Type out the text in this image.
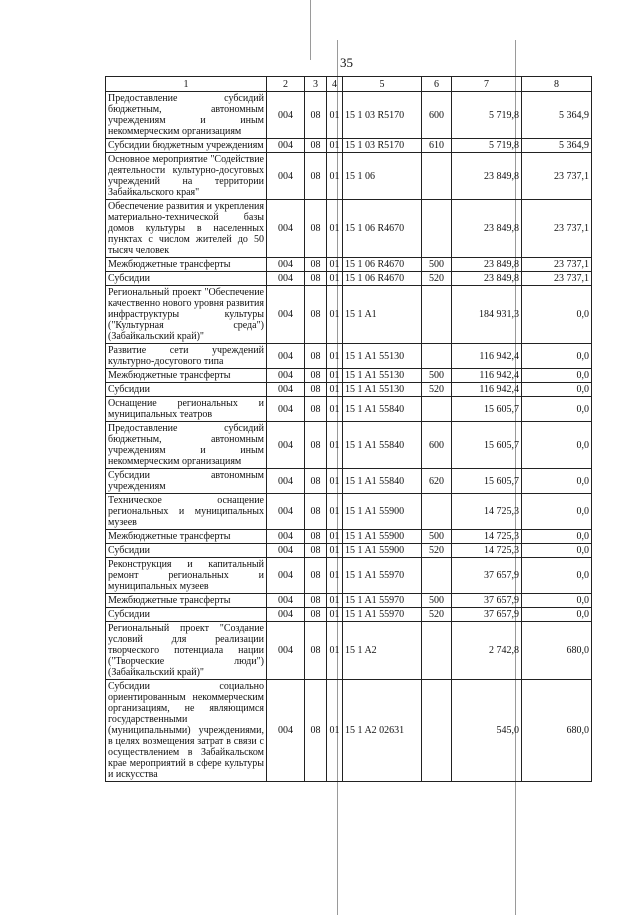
35
1	2	3	4	5	6	7	8
Предоставление субсидий бюджетным, автономным учреждениям и иным некоммерческим организациям	004	08	01	15 1 03 R5170	600	5 719,8	5 364,9
Субсидии бюджетным учреждениям	004	08	01	15 1 03 R5170	610	5 719,8	5 364,9
Основное мероприятие "Содействие деятельности культурно-досуговых учреждений на территории Забайкальского края"	004	08	01	15 1 06		23 849,8	23 737,1
Обеспечение развития и укрепления материально-технической базы домов культуры в населенных пунктах с числом жителей до 50 тысяч человек	004	08	01	15 1 06 R4670		23 849,8	23 737,1
Межбюджетные трансферты	004	08	01	15 1 06 R4670	500	23 849,8	23 737,1
Субсидии	004	08	01	15 1 06 R4670	520	23 849,8	23 737,1
Региональный проект "Обеспечение качественно нового уровня развития инфраструктуры культуры ("Культурная среда") (Забайкальский край)"	004	08	01	15 1 A1		184 931,3	0,0
Развитие сети учреждений культурно-досугового типа	004	08	01	15 1 A1 55130		116 942,4	0,0
Межбюджетные трансферты	004	08	01	15 1 A1 55130	500	116 942,4	0,0
Субсидии	004	08	01	15 1 A1 55130	520	116 942,4	0,0
Оснащение региональных и муниципальных театров	004	08	01	15 1 A1 55840		15 605,7	0,0
Предоставление субсидий бюджетным, автономным учреждениям и иным некоммерческим организациям	004	08	01	15 1 A1 55840	600	15 605,7	0,0
Субсидии автономным учреждениям	004	08	01	15 1 A1 55840	620	15 605,7	0,0
Техническое оснащение региональных и муниципальных музеев	004	08	01	15 1 A1 55900		14 725,3	0,0
Межбюджетные трансферты	004	08	01	15 1 A1 55900	500	14 725,3	0,0
Субсидии	004	08	01	15 1 A1 55900	520	14 725,3	0,0
Реконструкция и капитальный ремонт региональных и муниципальных музеев	004	08	01	15 1 A1 55970		37 657,9	0,0
Межбюджетные трансферты	004	08	01	15 1 A1 55970	500	37 657,9	0,0
Субсидии	004	08	01	15 1 A1 55970	520	37 657,9	0,0
Региональный проект "Создание условий для реализации творческого потенциала нации ("Творческие люди") (Забайкальский край)"	004	08	01	15 1 A2		2 742,8	680,0
Субсидии социально ориентированным некоммерческим организациям, не являющимся государственными (муниципальными) учреждениями, в целях возмещения затрат в связи с осуществлением в Забайкальском крае мероприятий в сфере культуры и искусства	004	08	01	15 1 A2 02631		545,0	680,0
